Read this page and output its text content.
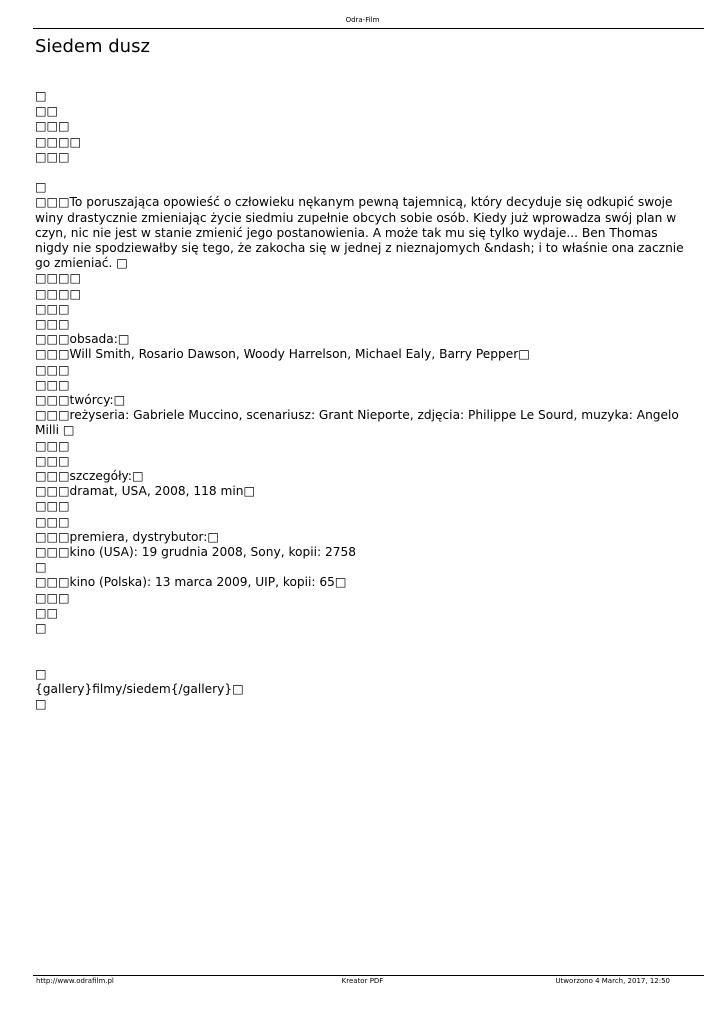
Odra-Film
Siedem dusz
□
□□
□□□
□□□□
□□□
□
□□□To poruszająca opowieść o człowieku nękanym pewną tajemnicą, który decyduje się odkupić swoje winy drastycznie zmieniając życie siedmiu zupełnie obcych sobie osób. Kiedy już wprowadza swój plan w czyn, nic nie jest w stanie zmienić jego postanowienia. A może tak mu się tylko wydaje... Ben Thomas nigdy nie spodziewałby się tego, że zakocha się w jednej z nieznajomych &ndash; i to właśnie ona zacznie go zmieniać. □
□□□□
□□□□
□□□
□□□
□□□obsada:□
□□□Will Smith, Rosario Dawson, Woody Harrelson, Michael Ealy, Barry Pepper□
□□□
□□□
□□□twórcy:□
□□□reżyseria: Gabriele Muccino, scenariusz: Grant Nieporte, zdjęcia: Philippe Le Sourd, muzyka: Angelo Milli □
□□□
□□□
□□□szczegóły:□
□□□dramat, USA, 2008, 118 min□
□□□
□□□
□□□premiera, dystrybutor:□
□□□kino (USA): 19 grudnia 2008, Sony, kopii: 2758
□
□□□kino (Polska): 13 marca 2009, UIP, kopii: 65□
□□□
□□
□
□
{gallery}filmy/siedem{/gallery}□
□
http://www.odrafilm.pl	Kreator PDF	Utworzono 4 March, 2017, 12:50
